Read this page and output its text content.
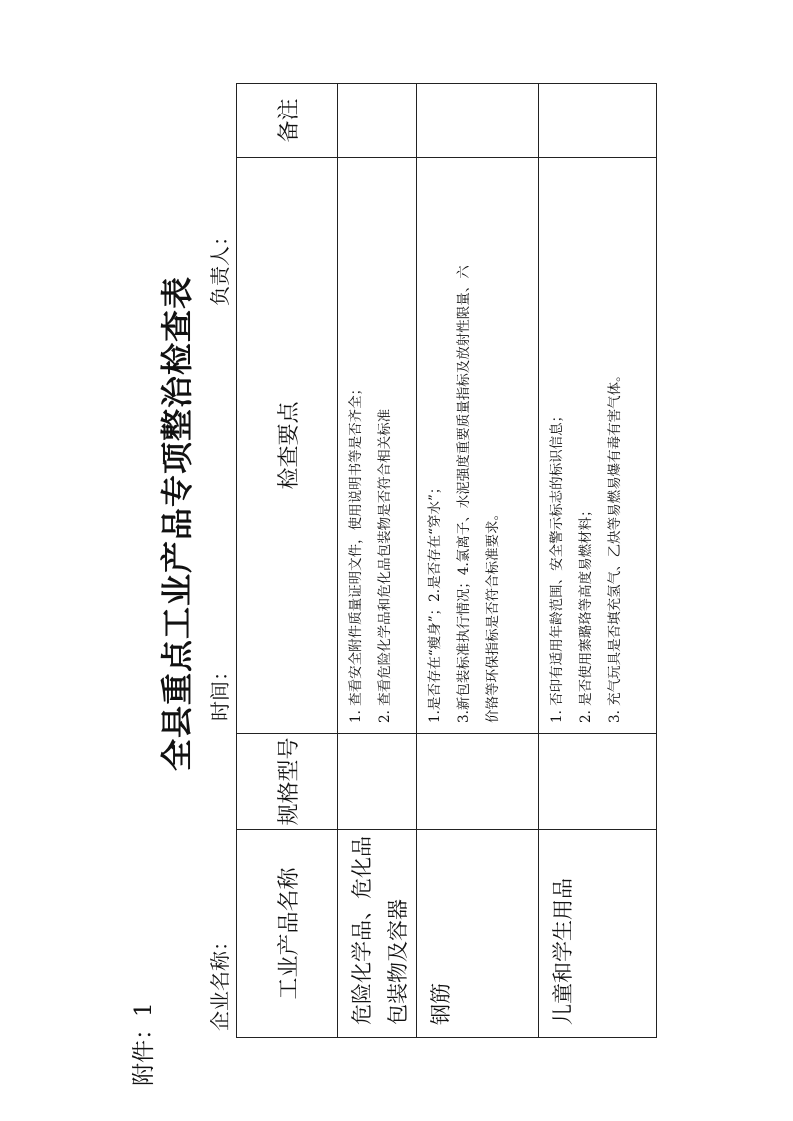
附件：1
全县重点工业产品专项整治检查表
企业名称：
时间：
负责人：
工业产品名称	规格型号	检查要点	备注
危险化学品、危化品包装物及容器		1. 查看安全附件质量证明文件，使用说明书等是否齐全； 2. 查看危险化学品和危化品包装物是否符合相关标准	

钢筋		1.是否存在“瘦身”；2.是否存在“穿水”； 3.新包装标准执行情况；4.氯离子、水泥强度重要质量指标及放射性限量、六 价铬等环保指标是否符合标准要求。	

儿童和学生用品		1. 否印有适用年龄范围、安全警示标志的标识信息； 2. 是否使用寨璐珞等高度易燃材料； 3. 充气玩具是否填充氢气、乙炔等易燃易爆有毒有害气体。	
